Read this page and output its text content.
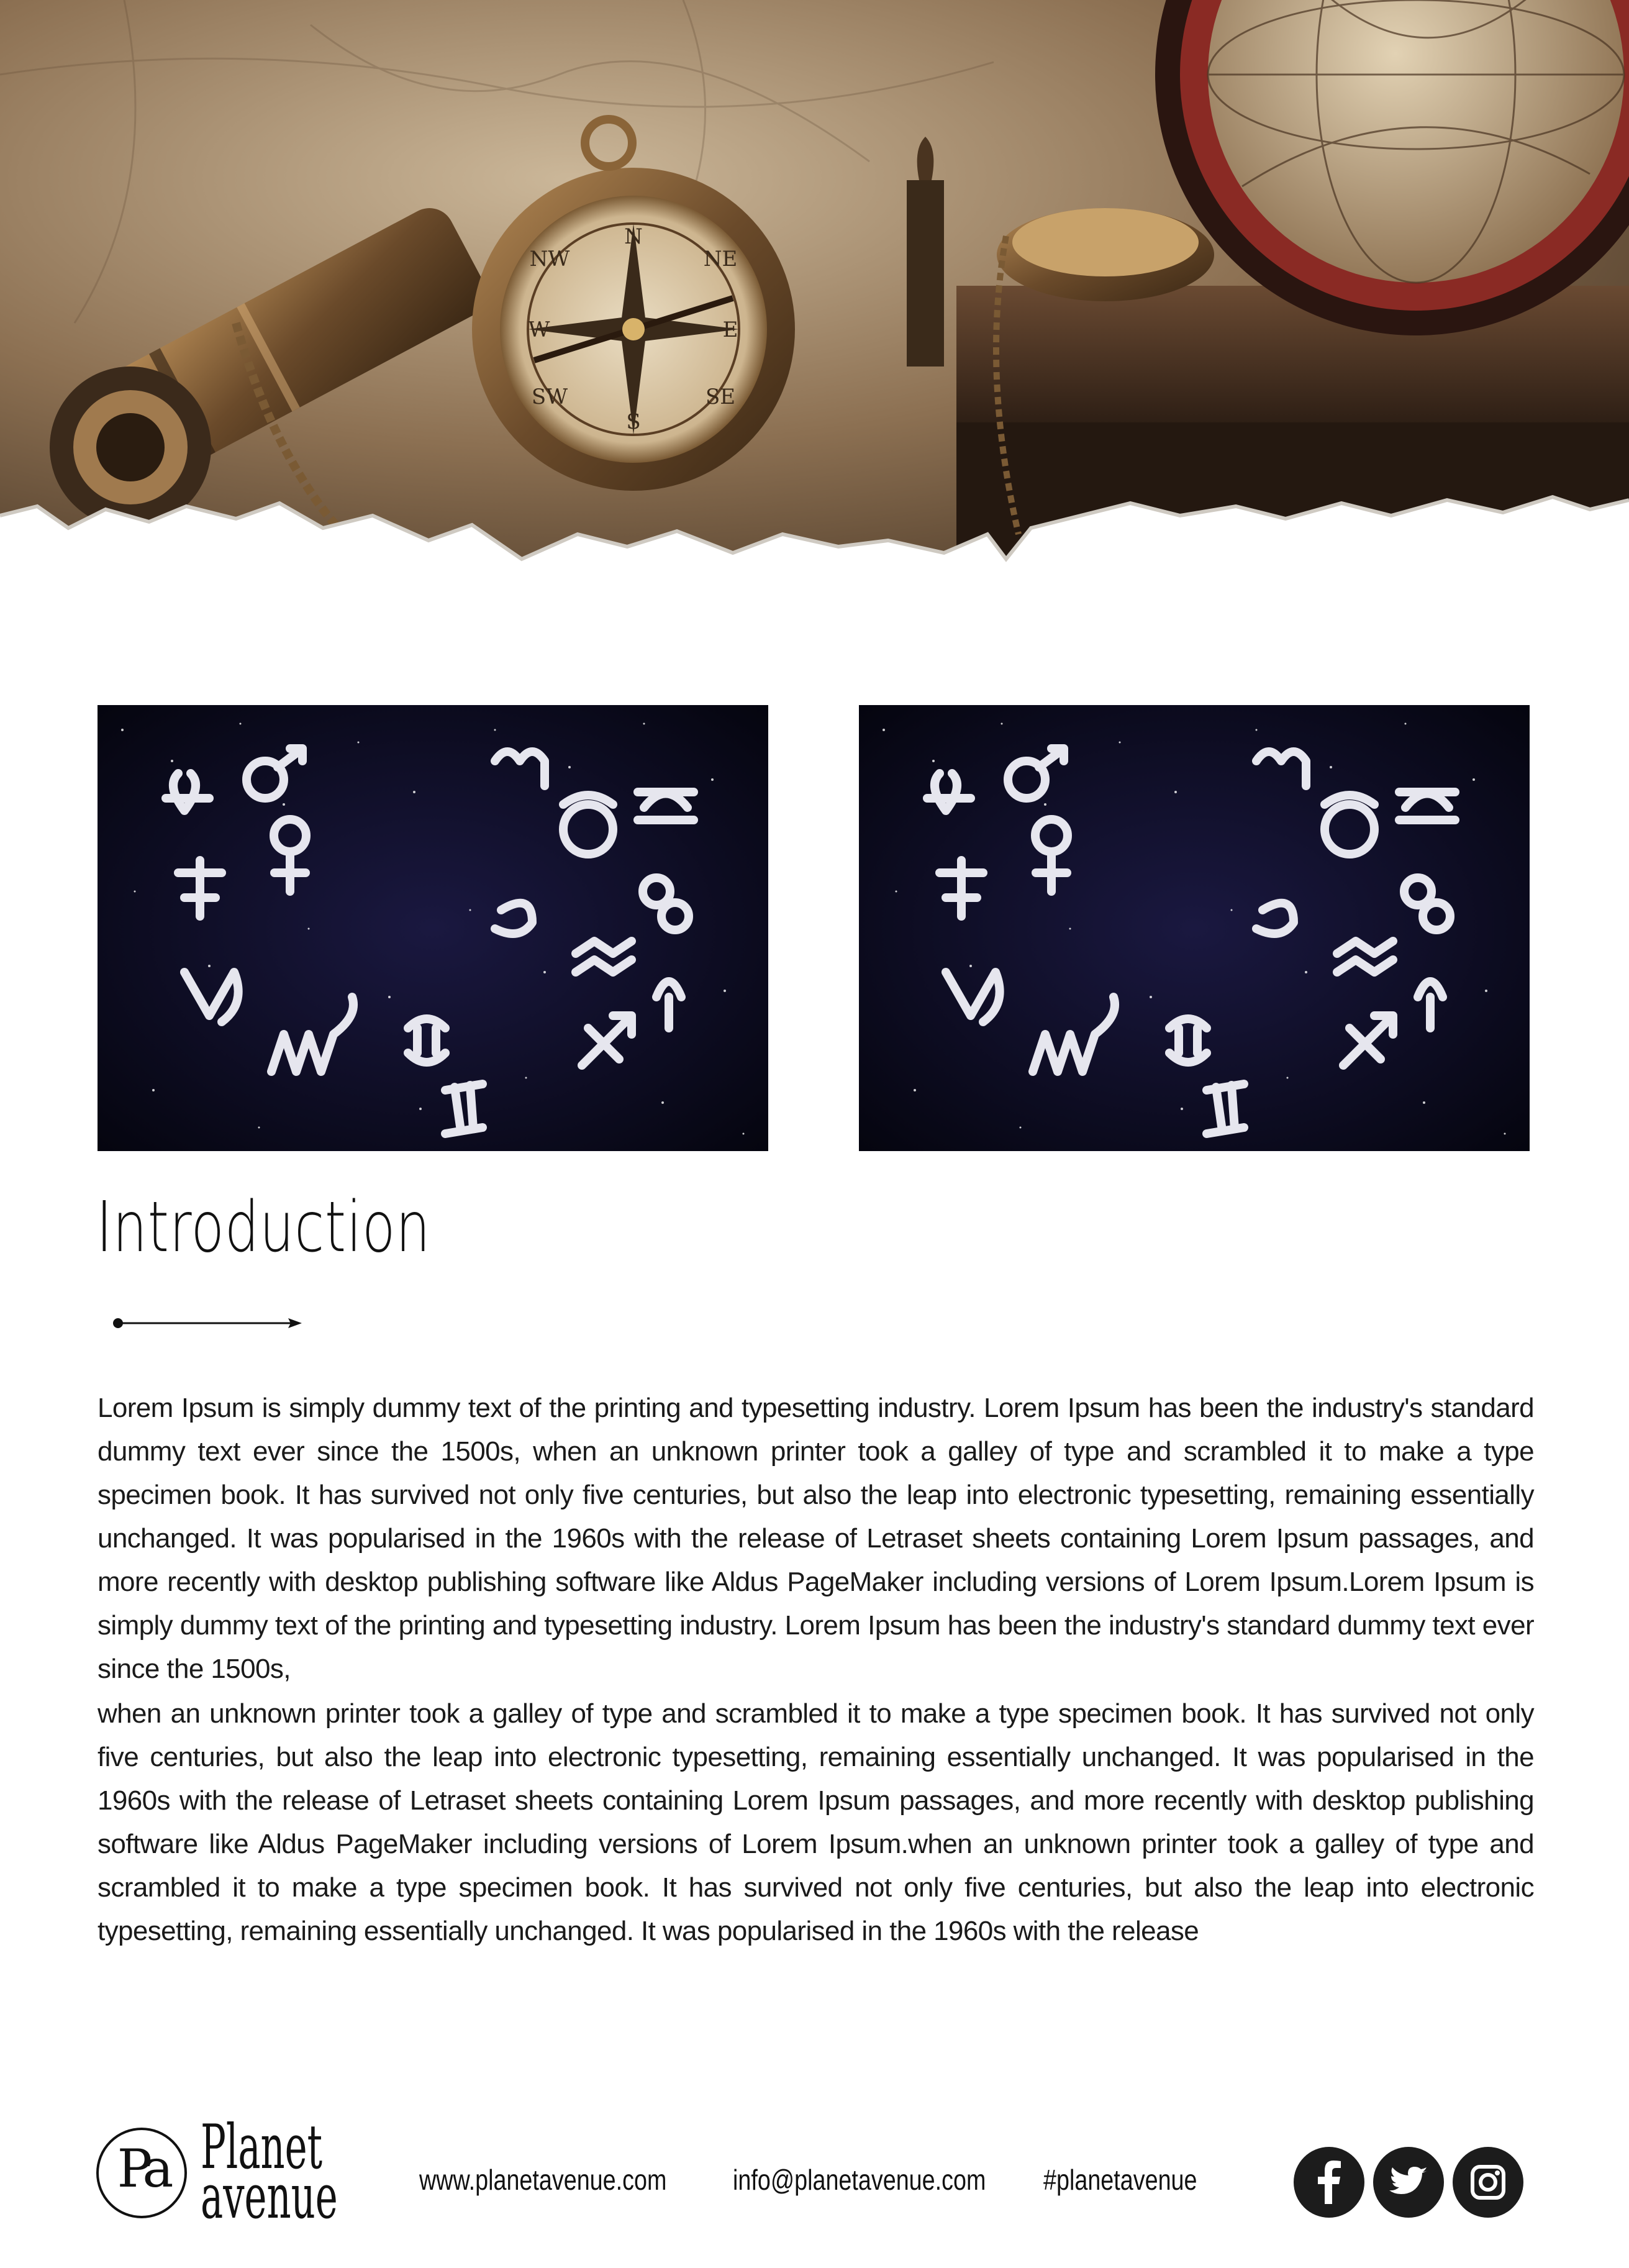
N
NE
E
SE
S
SW
W
NW
Introduction

Lorem Ipsum is simply dummy text of the printing and typesetting industry. Lorem Ipsum has been the industry's standard dummy text ever since the 1500s, when an unknown printer took a galley of type and scrambled it to make a type specimen book. It has survived not only five centuries, but also the leap into electronic typesetting, remaining essentially unchanged. It was popularised in the 1960s with the release of Letraset sheets containing Lorem Ipsum passages, and more recently with desktop publishing software like Aldus PageMaker including versions of Lorem Ipsum.Lorem Ipsum is simply dummy text of the printing and typesetting industry. Lorem Ipsum has been the industry's standard dummy text ever since the 1500s,

when an unknown printer took a galley of type and scrambled it to make a type specimen book. It has survived not only five centuries, but also the leap into electronic typesetting, remaining essentially unchanged. It was popularised in the 1960s with the release of Letraset sheets containing Lorem Ipsum passages, and more recently with desktop publishing software like Aldus PageMaker including versions of Lorem Ipsum.when an unknown printer took a galley of type and scrambled it to make a type specimen book. It has survived not only five centuries, but also the leap into electronic typesetting, remaining essentially unchanged. It was popularised in the 1960s with the release

Pa Planet
avenue	www.planetavenue.com info@planetavenue.com #planetavenue
